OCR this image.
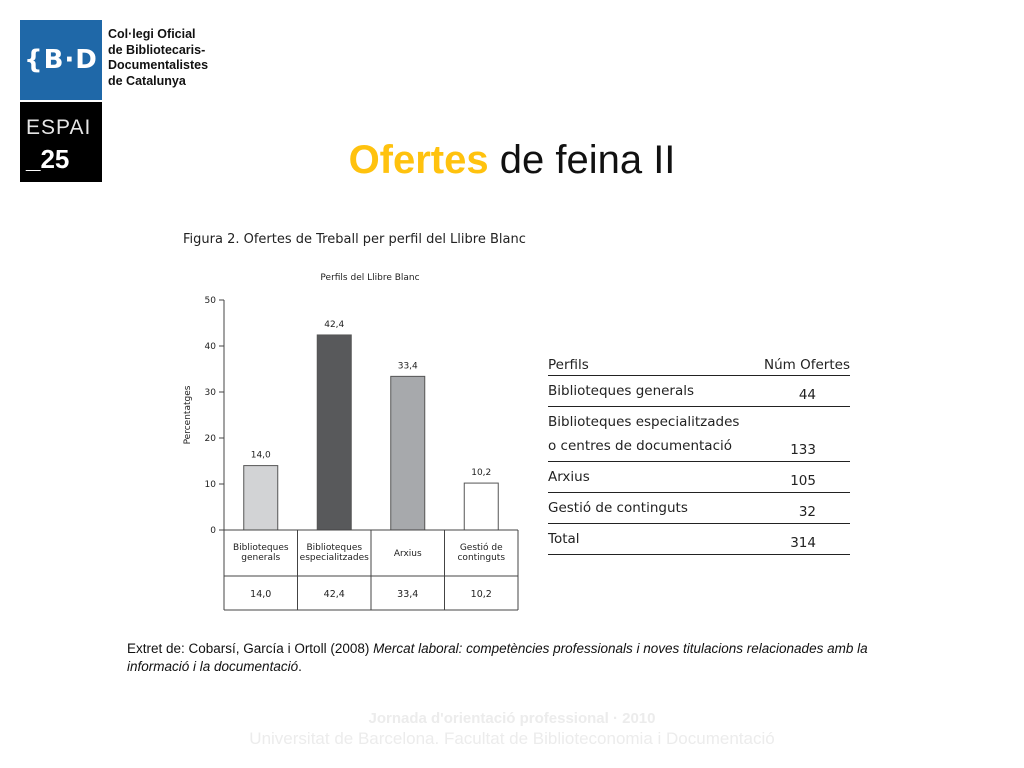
{B·D
Col·legi Oficial
de Bibliotecaris-
Documentalistes
de Catalunya
ESPAI
_25	Ofertes de feina II
Figura 2. Ofertes de Treball per perfil del Llibre Blanc
Perfils del Llibre Blanc
Percentatges
0
10
20
30
40
50
14,0
42,4
33,4
10,2
Biblioteques
generals
14,0
Biblioteques
especialitzades
42,4
Arxius
33,4
Gestió de
continguts
10,2
Perfils	Núm Ofertes

Biblioteques generals	44

Biblioteques especialitzades
o centres de documentació	133

Arxius	105

Gestió de continguts	32

Total	314
Extret de: Cobarsí, García i Ortoll (2008) Mercat laboral: competències professionals i noves titulacions relacionades amb la informació i la documentació.
Jornada d'orientació professional · 2010
Universitat de Barcelona. Facultat de Biblioteconomia i Documentació
